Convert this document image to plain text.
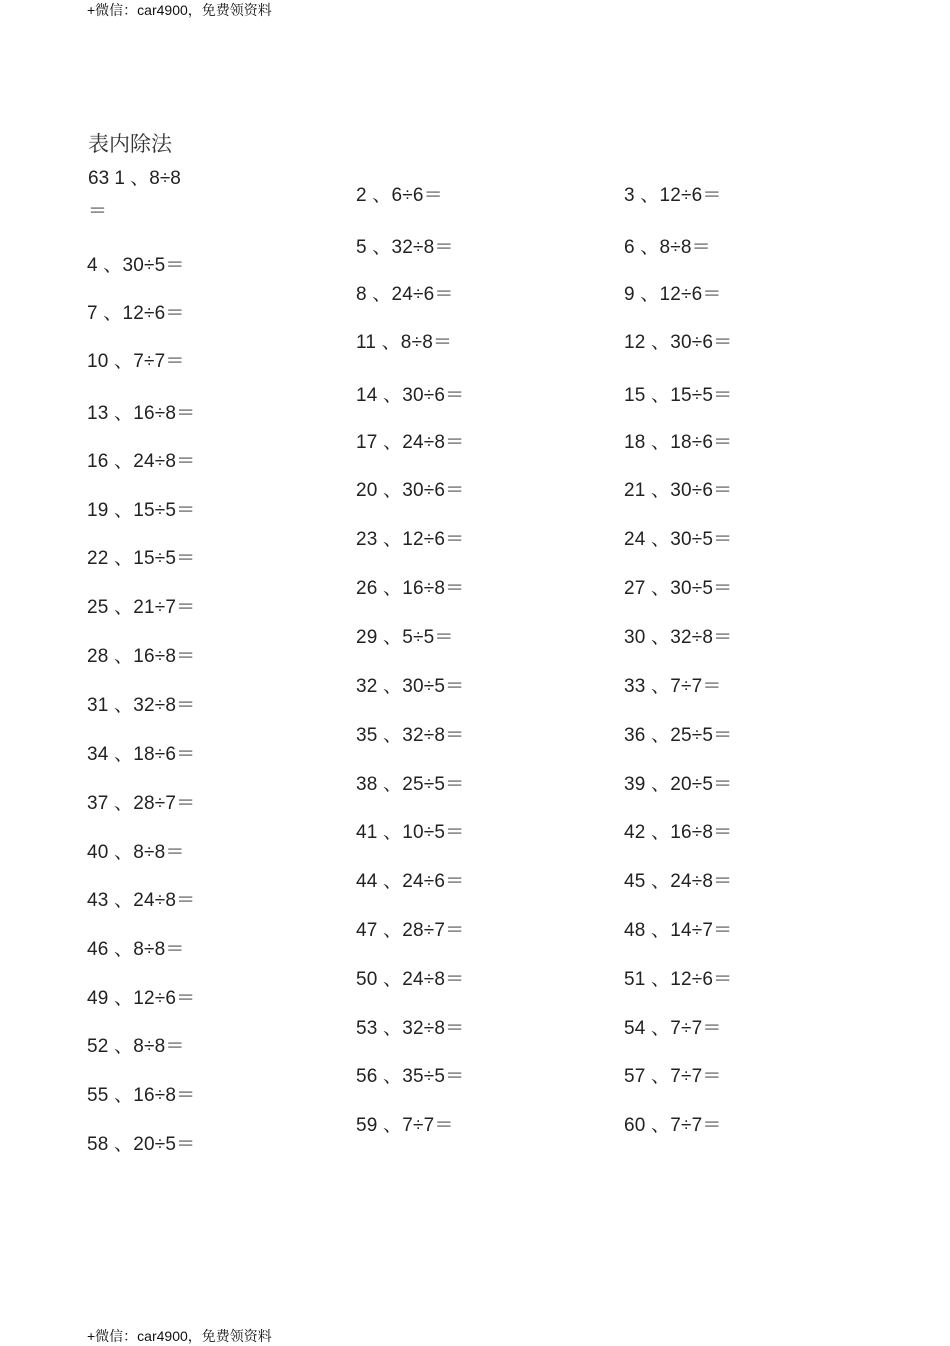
+微信：car4900，免费领资料
表内除法
63 1 、8÷8
＝
4 、30÷5＝
7 、12÷6＝
10 、7÷7＝
13 、16÷8＝
16 、24÷8＝
19 、15÷5＝
22 、15÷5＝
25 、21÷7＝
28 、16÷8＝
31 、32÷8＝
34 、18÷6＝
37 、28÷7＝
40 、8÷8＝
43 、24÷8＝
46 、8÷8＝
49 、12÷6＝
52 、8÷8＝
55 、16÷8＝
58 、20÷5＝
2 、6÷6＝
5 、32÷8＝
8 、24÷6＝
11 、8÷8＝
14 、30÷6＝
17 、24÷8＝
20 、30÷6＝
23 、12÷6＝
26 、16÷8＝
29 、5÷5＝
32 、30÷5＝
35 、32÷8＝
38 、25÷5＝
41 、10÷5＝
44 、24÷6＝
47 、28÷7＝
50 、24÷8＝
53 、32÷8＝
56 、35÷5＝
59 、7÷7＝
3 、12÷6＝
6 、8÷8＝
9 、12÷6＝
12 、30÷6＝
15 、15÷5＝
18 、18÷6＝
21 、30÷6＝
24 、30÷5＝
27 、30÷5＝
30 、32÷8＝
33 、7÷7＝
36 、25÷5＝
39 、20÷5＝
42 、16÷8＝
45 、24÷8＝
48 、14÷7＝
51 、12÷6＝
54 、7÷7＝
57 、7÷7＝
60 、7÷7＝
+微信：car4900，免费领资料
